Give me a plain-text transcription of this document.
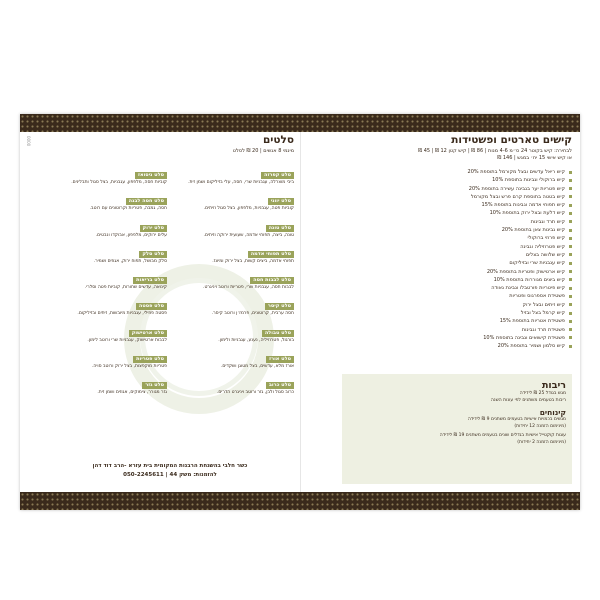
0000	קישים טארטים ופשטידות
לבחירה: קיש בקוטר 24 ס״מ 4-6 מנות | 86 ₪ | קיש קטן 12 ₪ | 45 ₪
או קיש אישי 15 יח׳ במגש | 146 ₪
קיש ריאל עדשים ובצל מקורמל בתוספת 20%
קיש ברוקולי וגבינות בתוספת 10%
קיש פטריות יער בגבינה עשירה בתוספת 20%
קיש בטטה בתוספת קרם פרש ובצל מקורמל
קיש תפוחי אדמה וגבינות בתוספת 15%
קיש דלעת ובצל ירוק בתוספת 10%
קיש תרד וגבינות
קיש גבינות צאן בתוספת 20%
קיש פרוזי ברוקולי
קיש פטרוזיליה וגבינה
קיש שלושה בצלים
קיש עגבניות שרי ובזיליקום
קיש ארטישוק ופטריות בתוספת 20%
קיש ביצים מגוררות בתוספת 10%
קיש פיטריות פורטבלו וגבינת גאודה
פשטידת אספרגוס ופטריות
קיש זיתים ובצל ירוק
קיש קרמל בצל ובזיל
פשטידת אטריות בתוספת 15%
פשטידת תרד וגבינות
פשטידת קישואים וגבינה בתוספת 10%
קיש סלמון ושמיר בתוספת 20%
ריבות
מגש בגודל 25 ₪ לידידה
ריבות בטעמים משתנים לפי עונות השנה
קינוחים
מגשים בכמויות אישיות בטעמים משתנים 9 ₪ לידידה
(מינימום הזמנה 12 יחידות)
עוגות קוקטייל אישיות בגדלים שונים בטעמים משתנים 19 ₪ לידידה
(מינימום הזמנה 2 יחידות)
סלטים
מינמי 8 אנשים | 20 ₪ לסלט
סלט קפרזה
ביבי מוצרלה, עגבניות שרי, חסה, עלי בזיליקום ושמן זית.
סלט יווני
קוביות פטה, עגבניות, מלפפון, בצל סגול וזיתים.
סלט טונה
טונה, ביצה, תפוחי אדמה, שעועית ירוקה וזיתים.
סלט תפוחי אדמה
תפוחי אדמה, ביצים קשות, בצל ירוק ומיונז.
סלט לבבות חסה
לבבות חסה, עגבניות שרי, פטריות ורוטב ויניגרט.
סלט קיסר
חסה ערבית, קרוטונים, פרמז׳ן ורוטב קיסר.
סלט טבולה
בורגול, פטרוזיליה, נענע, עגבניות ולימון.
סלט אורז
אורז מלא, עדשים, בצל מטוגן ושקדים.
סלט כרוב
כרוב סגול ולבן, גזר ורוטב ויניגרט הדרים.
סלט ניסואז
קוביות חסה, מלפפון, עגבניות, בצל סגול ותבלינים.
סלט חסה לבנה
חסה, גמבה, פטריות וקרוטונים עם רוטב.
סלט ירוק
עלים ירוקים, מלפפון, אבוקדו ונבטים.
סלט סלק
סלק מבושל, תפוח ירוק, אגוזים ושמיר.
סלט בריאות
קינואה, עדשים שחורות, קוביות פטה וסלרי.
סלט פסטה
פסטה פוזילי, עגבניות מיובשות, זיתים ובזיליקום.
סלט ארטישוק
לבבות ארטישוק, עגבניות שרי ורוטב לימון.
סלט פטריות
פטריות מוקפצות, בצל ירוק ורוטב סויה.
סלט גזר
גזר מגורר, צימוקים, אגוזים ושמן זית.
כשר חלבי בהשגחת הרבנות המקומית בית עזרא -הרב דוד דהן
להזמנות: משק 44 | 050-2245611
